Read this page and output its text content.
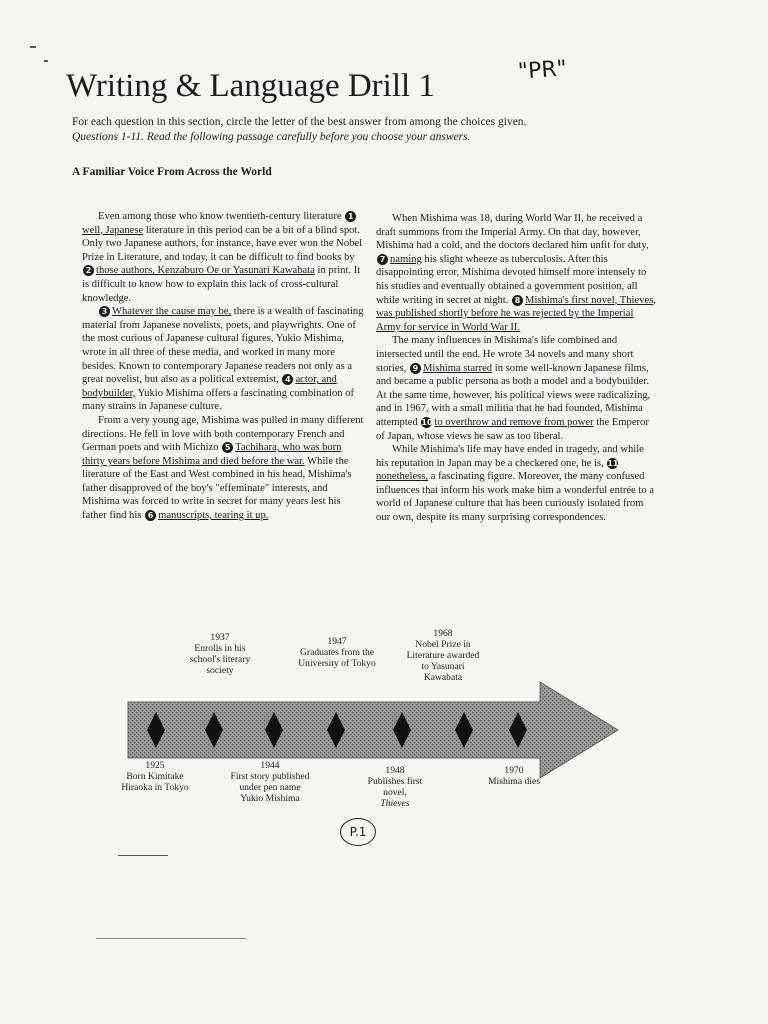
"PR"
Writing & Language Drill 1
For each question in this section, circle the letter of the best answer from among the choices given.
Questions 1-11. Read the following passage carefully before you choose your answers.
A Familiar Voice From Across the World

Even among those who know twentieth-century literature 1well, Japanese literature in this period can be a bit of a blind spot. Only two Japanese authors, for instance, have ever won the Nobel Prize in Literature, and today, it can be difficult to find books by 2 those authors, Kenzaburo Oe or Yasunari Kawabata in print. It is difficult to know how to explain this lack of cross-cultural knowledge.

3 Whatever the cause may be, there is a wealth of fascinating material from Japanese novelists, poets, and playwrights. One of the most curious of Japanese cultural figures, Yukio Mishima, wrote in all three of these media, and worked in many more besides. Known to contemporary Japanese readers not only as a great novelist, but also as a political extremist, 4 actor, and bodybuilder, Yukio Mishima offers a fascinating combination of many strains in Japanese culture.

From a very young age, Mishima was pulled in many different directions. He fell in love with both contemporary French and German poets and with Michizo 5 Tachihara, who was born thirty years before Mishima and died before the war. While the literature of the East and West combined in his head, Mishima's father disapproved of the boy's "effeminate" interests, and Mishima was forced to write in secret for many years lest his father find his 6 manuscripts, tearing it up.

When Mishima was 18, during World War II, he received a draft summons from the Imperial Army. On that day, however, Mishima had a cold, and the doctors declared him unfit for duty, 7 naming his slight wheeze as tuberculosis. After this disappointing error, Mishima devoted himself more intensely to his studies and eventually obtained a government position, all while writing in secret at night. 8 Mishima's first novel, Thieves, was published shortly before he was rejected by the Imperial Army for service in World War II.

The many influences in Mishima's life combined and intersected until the end. He wrote 34 novels and many short stories, 9 Mishima starred in some well-known Japanese films, and became a public persona as both a model and a bodybuilder. At the same time, however, his political views were radicalizing, and in 1967, with a small militia that he had founded, Mishima attempted 10 to overthrow and remove from power the Emperor of Japan, whose views he saw as too liberal.

While Mishima's life may have ended in tragedy, and while his reputation in Japan may be a checkered one, he is, 11nonetheless, a fascinating figure. Moreover, the many confused influences that inform his work make him a wonderful entrée to a world of Japanese culture that has been curiously isolated from our own, despite its many surprising correspondences.

1937
Enrolls in his school's literary society
1947
Graduates from the University of Tokyo
1968
Nobel Prize in Literature awarded to Yasunari Kawabata
1925
Born Kimitake Hiraoka in Tokyo
1944
First story published under pen name Yukio Mishima
1948
Publishes first novel,
Thieves
1970
Mishima dies
P.1
